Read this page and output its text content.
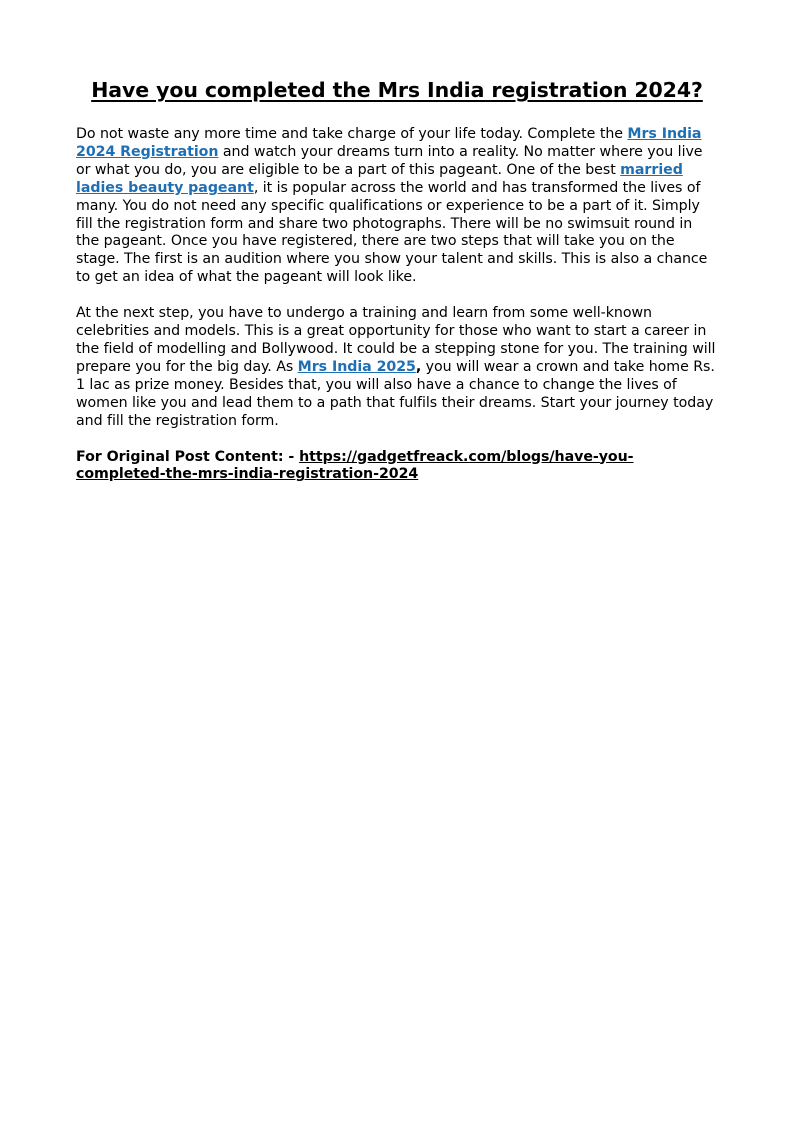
Have you completed the Mrs India registration 2024?

Do not waste any more time and take charge of your life today. Complete the Mrs India 2024 Registration and watch your dreams turn into a reality. No matter where you live or what you do, you are eligible to be a part of this pageant. One of the best married ladies beauty pageant, it is popular across the world and has transformed the lives of many. You do not need any specific qualifications or experience to be a part of it. Simply fill the registration form and share two photographs. There will be no swimsuit round in the pageant. Once you have registered, there are two steps that will take you on the stage. The first is an audition where you show your talent and skills. This is also a chance to get an idea of what the pageant will look like.

At the next step, you have to undergo a training and learn from some well-known celebrities and models. This is a great opportunity for those who want to start a career in the field of modelling and Bollywood. It could be a stepping stone for you. The training will prepare you for the big day. As Mrs India 2025, you will wear a crown and take home Rs. 1 lac as prize money. Besides that, you will also have a chance to change the lives of women like you and lead them to a path that fulfils their dreams. Start your journey today and fill the registration form.

For Original Post Content: - https://gadgetfreack.com/blogs/have-you-completed-the-mrs-india-registration-2024
